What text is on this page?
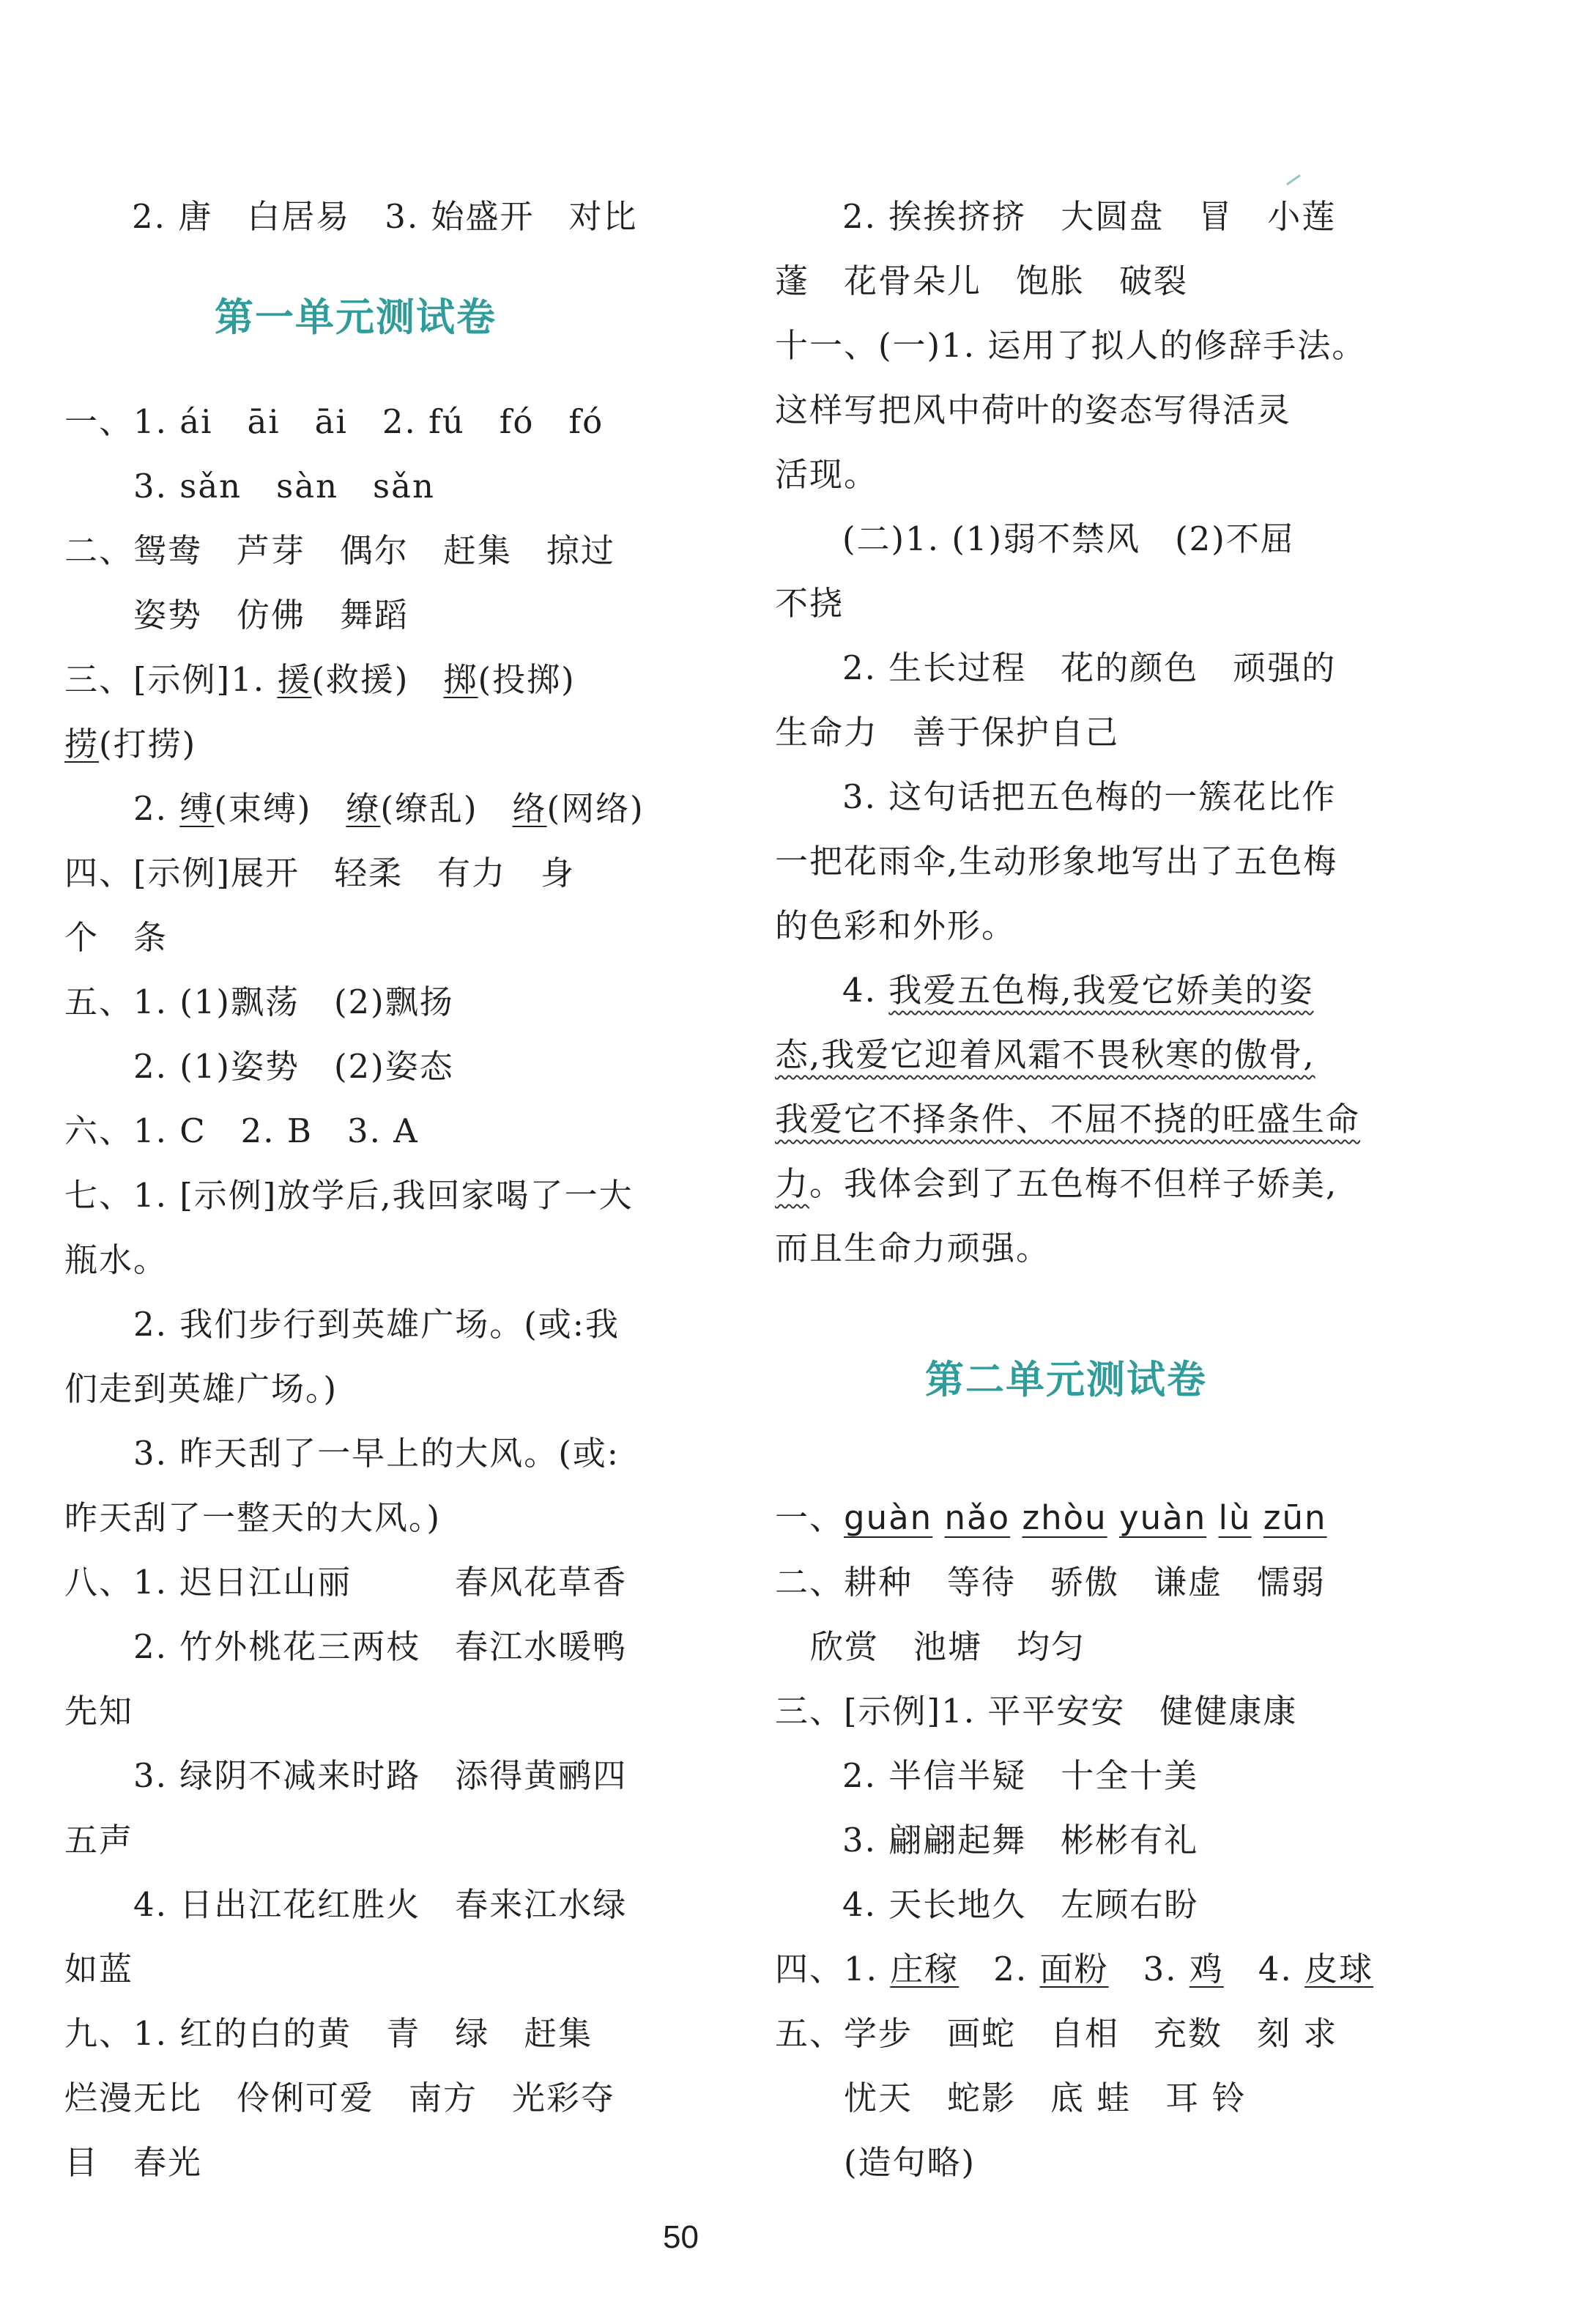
2. 唐　白居易　3. 始盛开　对比
第一单元测试卷
一、1. ái　āi　āi　2. fú　fó　fó
3. sǎn　sàn　sǎn
二、鸳鸯　芦芽　偶尔　赶集　掠过
姿势　仿佛　舞蹈
三、[示例]1. 援(救援)　掷(投掷)
捞(打捞)
2. 缚(束缚)　缭(缭乱)　络(网络)
四、[示例]展开　轻柔　有力　身
个　条
五、1. (1)飘荡　(2)飘扬
2. (1)姿势　(2)姿态
六、1. C　2. B　3. A
七、1. [示例]放学后,我回家喝了一大
瓶水。
2. 我们步行到英雄广场。(或:我
们走到英雄广场。)
3. 昨天刮了一早上的大风。(或:
昨天刮了一整天的大风。)
八、1. 迟日江山丽　　　春风花草香
2. 竹外桃花三两枝　春江水暖鸭
先知
3. 绿阴不减来时路　添得黄鹂四
五声
4. 日出江花红胜火　春来江水绿
如蓝
九、1. 红的白的黄　青　绿　赶集
烂漫无比　伶俐可爱　南方　光彩夺
目　春光
2. 挨挨挤挤　大圆盘　冒　小莲
蓬　花骨朵儿　饱胀　破裂
十一、(一)1. 运用了拟人的修辞手法。
这样写把风中荷叶的姿态写得活灵
活现。
(二)1. (1)弱不禁风　(2)不屈
不挠
2. 生长过程　花的颜色　顽强的
生命力　善于保护自己
3. 这句话把五色梅的一簇花比作
一把花雨伞,生动形象地写出了五色梅
的色彩和外形。
4. 我爱五色梅,我爱它娇美的姿
态,我爱它迎着风霜不畏秋寒的傲骨,
我爱它不择条件、不屈不挠的旺盛生命
力。我体会到了五色梅不但样子娇美,
而且生命力顽强。
第二单元测试卷
一、guàn nǎo zhòu yuàn lù zūn
二、耕种　等待　骄傲　谦虚　懦弱
欣赏　池塘　均匀
三、[示例]1. 平平安安　健健康康
2. 半信半疑　十全十美
3. 翩翩起舞　彬彬有礼
4. 天长地久　左顾右盼
四、1. 庄稼　 2. 面粉　 3. 鸡　 4. 皮球
五、学步　画蛇　自相　充数　刻 求
忧天　蛇影　底 蛙　耳 铃
(造句略)
50
